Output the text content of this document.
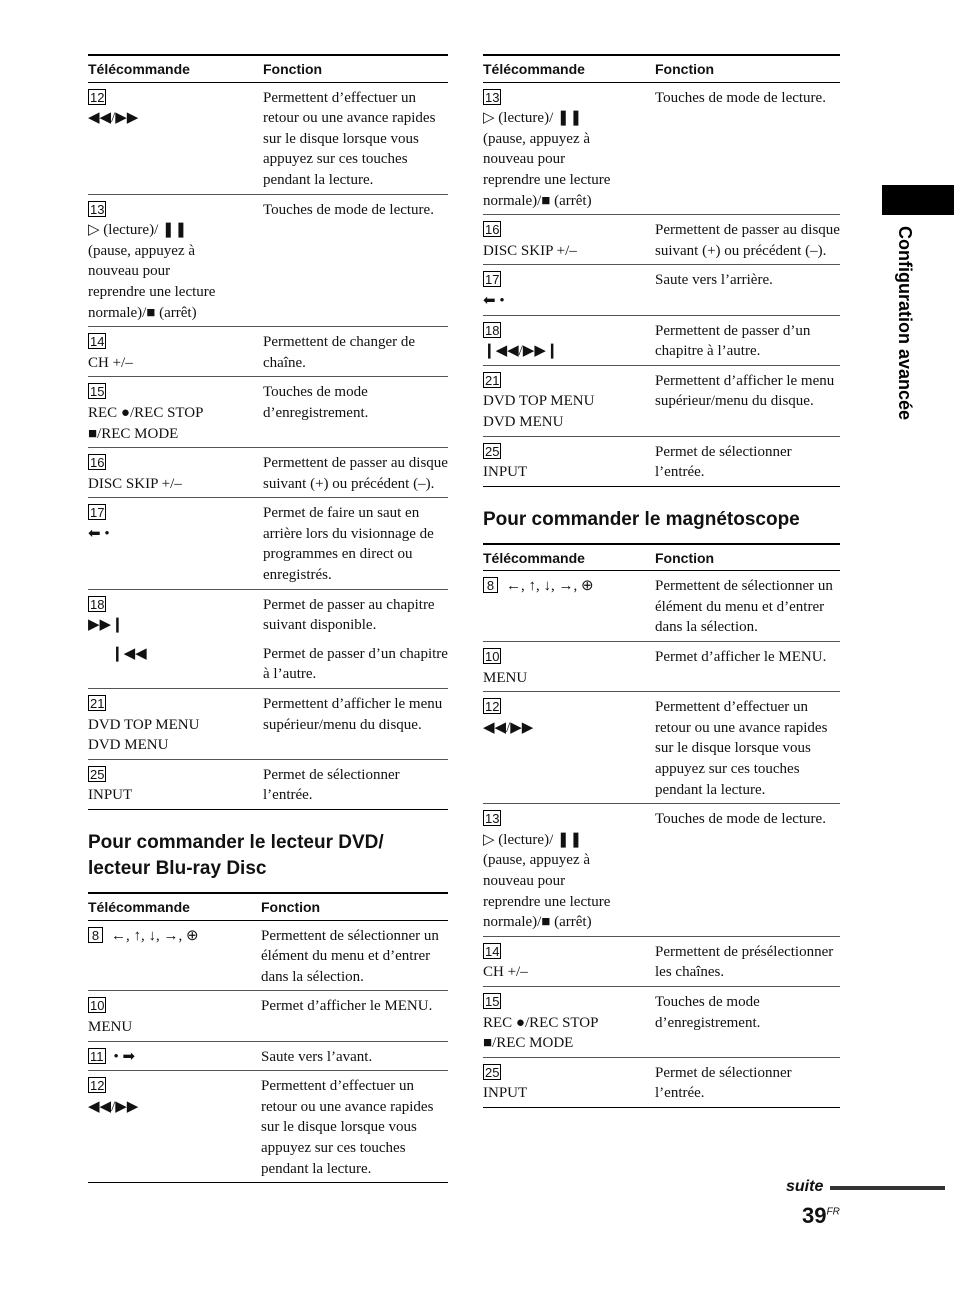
Télécommande	Fonction
12◀◀/▶▶	Permettent d’effectuer un retour ou une avance rapides sur le disque lorsque vous appuyez sur ces touches pendant la lecture.
13▷ (lecture)/ ❚❚ (pause, appuyez à nouveau pour reprendre une lecture normale)/■ (arrêt)	Touches de mode de lecture.
14CH +/–	Permettent de changer de chaîne.
15REC ●/REC STOP ■/REC MODE	Touches de mode d’enregistrement.
16DISC SKIP +/–	Permettent de passer au disque suivant (+) ou précédent (–).
17⬅ •	Permet de faire un saut en arrière lors du visionnage de programmes en direct ou enregistrés.
18▶▶❙	Permet de passer au chapitre suivant disponible.
❙◀◀	Permet de passer d’un chapitre à l’autre.
21DVD TOP MENU DVD MENU	Permettent d’afficher le menu supérieur/menu du disque.
25INPUT	Permet de sélectionner l’entrée.
Pour commander le lecteur DVD/ lecteur Blu-ray Disc
Télécommande	Fonction
8 ←, ↑, ↓, →, ⊕	Permettent de sélectionner un élément du menu et d’entrer dans la sélection.
10MENU	Permet d’afficher le MENU.
11 • ➡	Saute vers l’avant.
12◀◀/▶▶	Permettent d’effectuer un retour ou une avance rapides sur le disque lorsque vous appuyez sur ces touches pendant la lecture.
Télécommande	Fonction
13▷ (lecture)/ ❚❚ (pause, appuyez à nouveau pour reprendre une lecture normale)/■ (arrêt)	Touches de mode de lecture.
16DISC SKIP +/–	Permettent de passer au disque suivant (+) ou précédent (–).
17⬅ •	Saute vers l’arrière.
18❙◀◀/▶▶❙	Permettent de passer d’un chapitre à l’autre.
21DVD TOP MENU DVD MENU	Permettent d’afficher le menu supérieur/menu du disque.
25INPUT	Permet de sélectionner l’entrée.
Pour commander le magnétoscope
Télécommande	Fonction
8 ←, ↑, ↓, →, ⊕	Permettent de sélectionner un élément du menu et d’entrer dans la sélection.
10MENU	Permet d’afficher le MENU.
12◀◀/▶▶	Permettent d’effectuer un retour ou une avance rapides sur le disque lorsque vous appuyez sur ces touches pendant la lecture.
13▷ (lecture)/ ❚❚ (pause, appuyez à nouveau pour reprendre une lecture normale)/■ (arrêt)	Touches de mode de lecture.
14CH +/–	Permettent de présélectionner les chaînes.
15REC ●/REC STOP ■/REC MODE	Touches de mode d’enregistrement.
25INPUT	Permet de sélectionner l’entrée.
Configuration avancée
suite
$39^{FR}$
